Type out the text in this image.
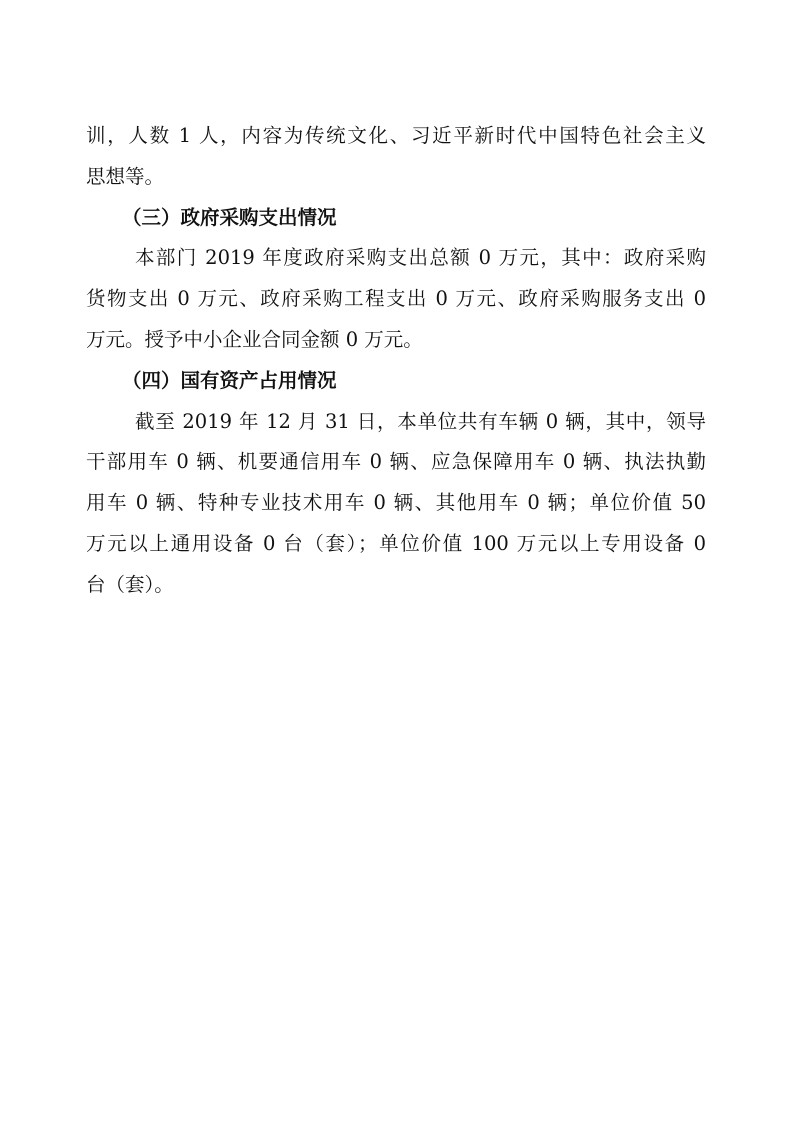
训，人数 1 人，内容为传统文化、习近平新时代中国特色社会主义
思想等。
（三）政府采购支出情况
本部门 2019 年度政府采购支出总额 0 万元，其中：政府采购
货物支出 0 万元、政府采购工程支出 0 万元、政府采购服务支出 0
万元。授予中小企业合同金额 0 万元。
（四）国有资产占用情况
截至 2019 年 12 月 31 日，本单位共有车辆 0 辆，其中，领导
干部用车 0 辆、机要通信用车 0 辆、应急保障用车 0 辆、执法执勤
用车 0 辆、特种专业技术用车 0 辆、其他用车 0 辆；单位价值 50
万元以上通用设备 0 台（套）；单位价值 100 万元以上专用设备 0
台（套）。
